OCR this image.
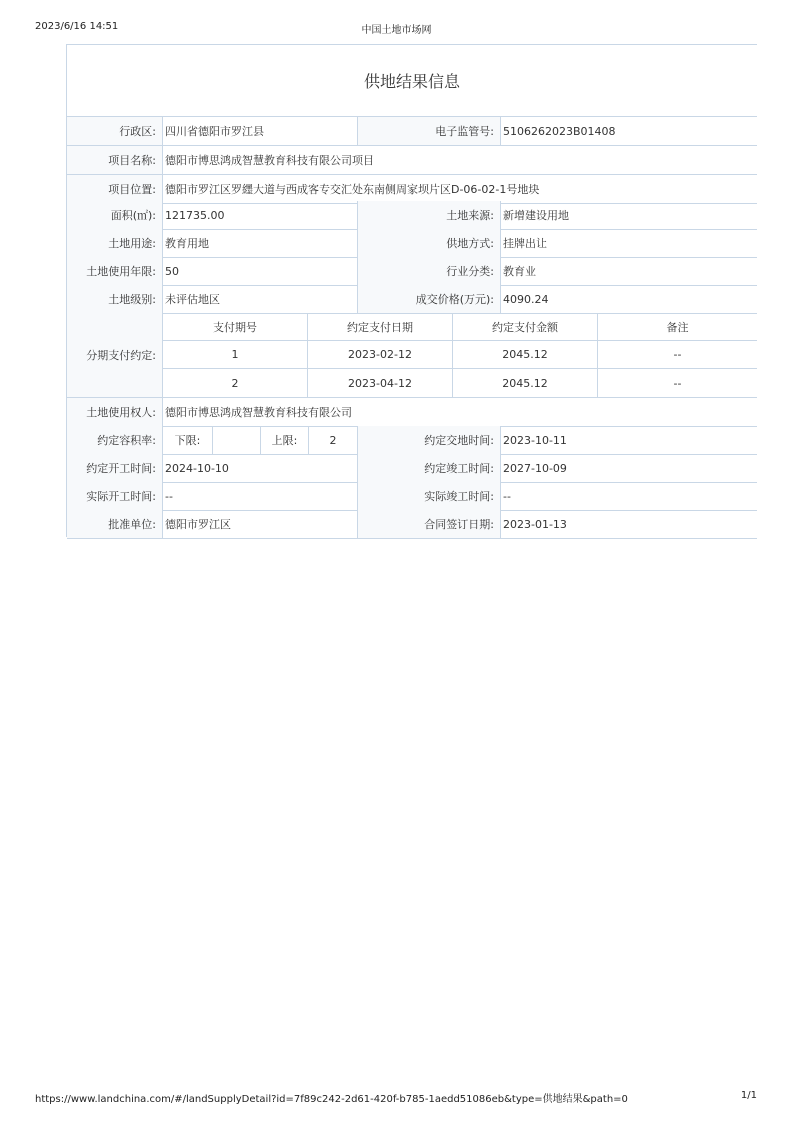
2023/6/16 14:51	中国土地市场网
供地结果信息
行政区: 四川省德阳市罗江县	电子监管号: 5106262023B01408
项目名称: 德阳市博思鸿成智慧教育科技有限公司项目
项目位置: 德阳市罗江区罗纆大道与西成客专交汇处东南侧周家坝片区D-06-02-1号地块
面积(㎡): 121735.00	土地来源: 新增建设用地
土地用途: 教育用地	供地方式: 挂牌出让
土地使用年限: 50	行业分类: 教育业
土地级别: 未评估地区	成交价格(万元): 4090.24
分期支付约定:
支付期号	约定支付日期	约定支付金额	备注
1	2023-02-12	2045.12	--
2	2023-04-12	2045.12	--
土地使用权人: 德阳市博思鸿成智慧教育科技有限公司
约定容积率:	下限:	上限:	2	约定交地时间: 2023-10-11
约定开工时间: 2024-10-10	约定竣工时间: 2027-10-09
实际开工时间: --	实际竣工时间: --
批准单位: 德阳市罗江区	合同签订日期: 2023-01-13
https://www.landchina.com/#/landSupplyDetail?id=7f89c242-2d61-420f-b785-1aedd51086eb&type=供地结果&path=0	1/1
